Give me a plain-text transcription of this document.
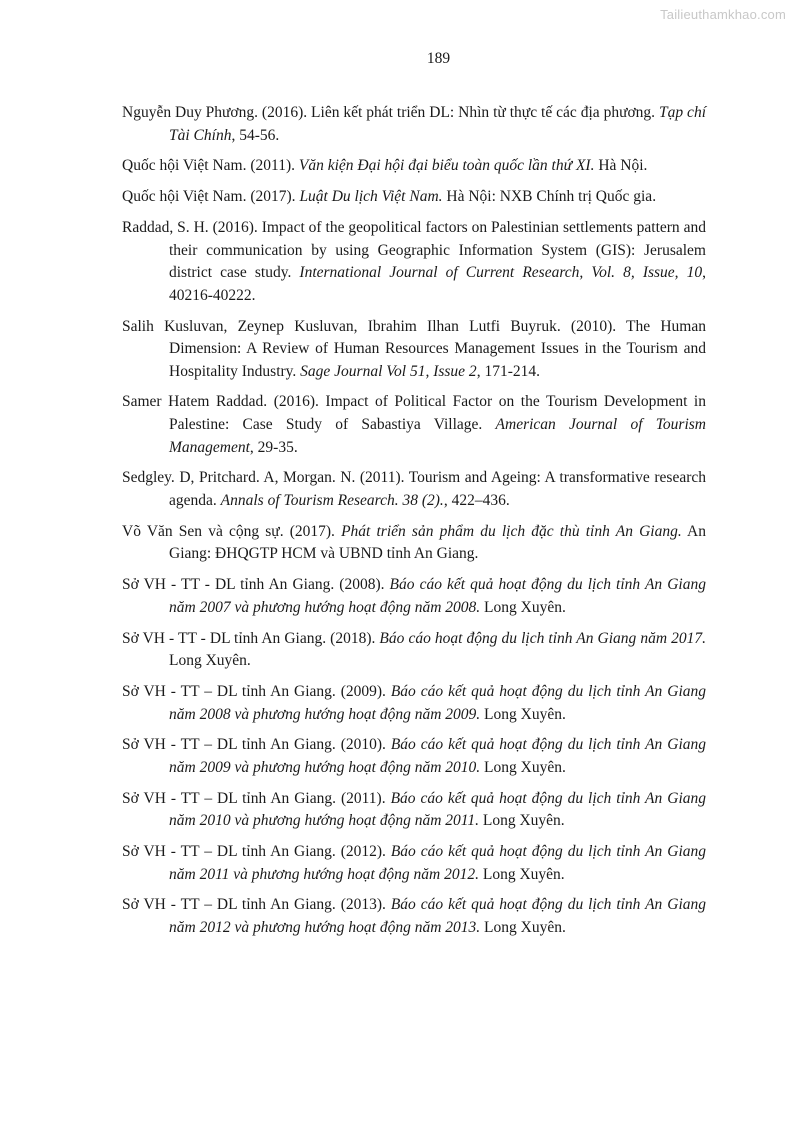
Tailieuthamkhao.com
189
Nguyễn Duy Phương. (2016). Liên kết phát triển DL: Nhìn từ thực tế các địa phương. Tạp chí Tài Chính, 54-56.
Quốc hội Việt Nam. (2011). Văn kiện Đại hội đại biểu toàn quốc lần thứ XI. Hà Nội.
Quốc hội Việt Nam. (2017). Luật Du lịch Việt Nam. Hà Nội: NXB Chính trị Quốc gia.
Raddad, S. H. (2016). Impact of the geopolitical factors on Palestinian settlements pattern and their communication by using Geographic Information System (GIS): Jerusalem district case study. International Journal of Current Research, Vol. 8, Issue, 10, 40216-40222.
Salih Kusluvan, Zeynep Kusluvan, Ibrahim Ilhan Lutfi Buyruk. (2010). The Human Dimension: A Review of Human Resources Management Issues in the Tourism and Hospitality Industry. Sage Journal Vol 51, Issue 2, 171-214.
Samer Hatem Raddad. (2016). Impact of Political Factor on the Tourism Development in Palestine: Case Study of Sabastiya Village. American Journal of Tourism Management, 29-35.
Sedgley. D, Pritchard. A, Morgan. N. (2011). Tourism and Ageing: A transformative research agenda. Annals of Tourism Research. 38 (2)., 422–436.
Võ Văn Sen và cộng sự. (2017). Phát triển sản phẩm du lịch đặc thù tỉnh An Giang. An Giang: ĐHQGTP HCM và UBND tỉnh An Giang.
Sở VH - TT - DL tỉnh An Giang. (2008). Báo cáo kết quả hoạt động du lịch tỉnh An Giang năm 2007 và phương hướng hoạt động năm 2008. Long Xuyên.
Sở VH - TT - DL tỉnh An Giang. (2018). Báo cáo hoạt động du lịch tỉnh An Giang năm 2017. Long Xuyên.
Sở VH - TT – DL tỉnh An Giang. (2009). Báo cáo kết quả hoạt động du lịch tỉnh An Giang năm 2008 và phương hướng hoạt động năm 2009. Long Xuyên.
Sở VH - TT – DL tỉnh An Giang. (2010). Báo cáo kết quả hoạt động du lịch tỉnh An Giang năm 2009 và phương hướng hoạt động năm 2010. Long Xuyên.
Sở VH - TT – DL tỉnh An Giang. (2011). Báo cáo kết quả hoạt động du lịch tỉnh An Giang năm 2010 và phương hướng hoạt động năm 2011. Long Xuyên.
Sở VH - TT – DL tỉnh An Giang. (2012). Báo cáo kết quả hoạt động du lịch tỉnh An Giang năm 2011 và phương hướng hoạt động năm 2012. Long Xuyên.
Sở VH - TT – DL tỉnh An Giang. (2013). Báo cáo kết quả hoạt động du lịch tỉnh An Giang năm 2012 và phương hướng hoạt động năm 2013. Long Xuyên.
